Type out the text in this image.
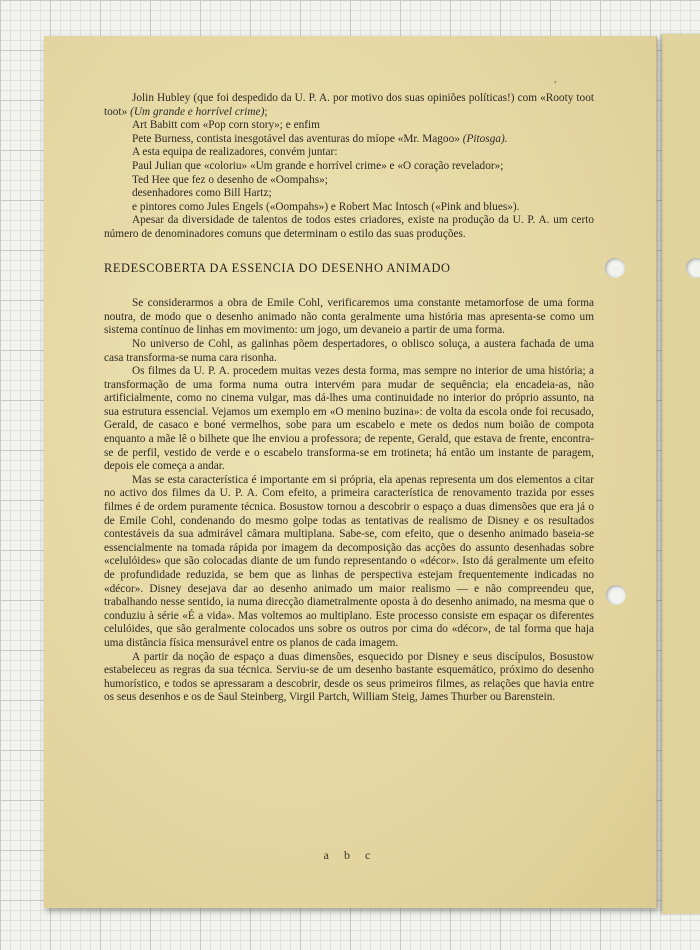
'

Jolin Hubley (que foi despedido da U. P. A. por motivo dos suas opiniões políticas!) com «Rooty toot toot» (Um grande e horrível crime);

Art Babitt com «Pop corn story»; e enfim

Pete Burness, contista inesgotável das aventuras do míope «Mr. Magoo» (Pitosga).

A esta equipa de realizadores, convém juntar:

Paul Julian que «coloriu» «Um grande e horrível crime» e «O coração revelador»;

Ted Hee que fez o desenho de «Oompahs»;

desenhadores como Bill Hartz;

e pintores como Jules Engels («Oompahs») e Robert Mac Intosch («Pink and blues»).

Apesar da diversidade de talentos de todos estes criadores, existe na produção da U. P. A. um certo número de denominadores comuns que determinam o estilo das suas produções.

REDESCOBERTA DA ESSENCIA DO DESENHO ANIMADO

Se considerarmos a obra de Emile Cohl, verificaremos uma constante metamorfose de uma forma noutra, de modo que o desenho animado não conta geralmente uma história mas apresenta-se como um sistema contínuo de linhas em movimento: um jogo, um devaneio a partir de uma forma.

No universo de Cohl, as galinhas põem despertadores, o oblisco soluça, a austera fachada de uma casa transforma-se numa cara risonha.

Os filmes da U. P. A. procedem muitas vezes desta forma, mas sempre no interior de uma história; a transformação de uma forma numa outra intervém para mudar de sequência; ela encadeia-as, não artificialmente, como no cinema vulgar, mas dá-lhes uma continuidade no interior do próprio assunto, na sua estrutura essencial. Vejamos um exemplo em «O menino buzina»: de volta da escola onde foi recusado, Gerald, de casaco e boné vermelhos, sobe para um escabelo e mete os dedos num boião de compota enquanto a mãe lê o bilhete que lhe enviou a professora; de repente, Gerald, que estava de frente, encontra-se de perfil, vestido de verde e o escabelo transforma-se em trotineta; há então um instante de paragem, depois ele começa a andar.

Mas se esta característica é importante em si própria, ela apenas representa um dos elementos a citar no activo dos filmes da U. P. A. Com efeito, a primeira característica de renovamento trazida por esses filmes é de ordem puramente técnica. Bosustow tornou a descobrir o espaço a duas dimensões que era já o de Emile Cohl, condenando do mesmo golpe todas as tentativas de realismo de Disney e os resultados contestáveis da sua admirável câmara multiplana. Sabe-se, com efeito, que o desenho animado baseia-se essencialmente na tomada rápida por imagem da decomposição das acções do assunto desenhadas sobre «celulóides» que são colocadas diante de um fundo representando o «décor». Isto dá geralmente um efeito de profundidade reduzida, se bem que as linhas de perspectiva estejam frequentemente indicadas no «décor». Disney desejava dar ao desenho animado um maior realismo — e não compreendeu que, trabalhando nesse sentido, ia numa direcção diametralmente oposta à do desenho animado, na mesma que o conduziu à série «É a vida». Mas voltemos ao multiplano. Este processo consiste em espaçar os diferentes celulóides, que são geralmente colocados uns sobre os outros por cima do «décor», de tal forma que haja uma distância física mensurável entre os planos de cada imagem.

A partir da noção de espaço a duas dimensões, esquecido por Disney e seus discípulos, Bosustow estabeleceu as regras da sua técnica. Serviu-se de um desenho bastante esquemático, próximo do desenho humorístico, e todos se apressaram a descobrir, desde os seus primeiros filmes, as relações que havia entre os seus desenhos e os de Saul Steinberg, Virgil Partch, William Steig, James Thurber ou Barenstein.

a b c
